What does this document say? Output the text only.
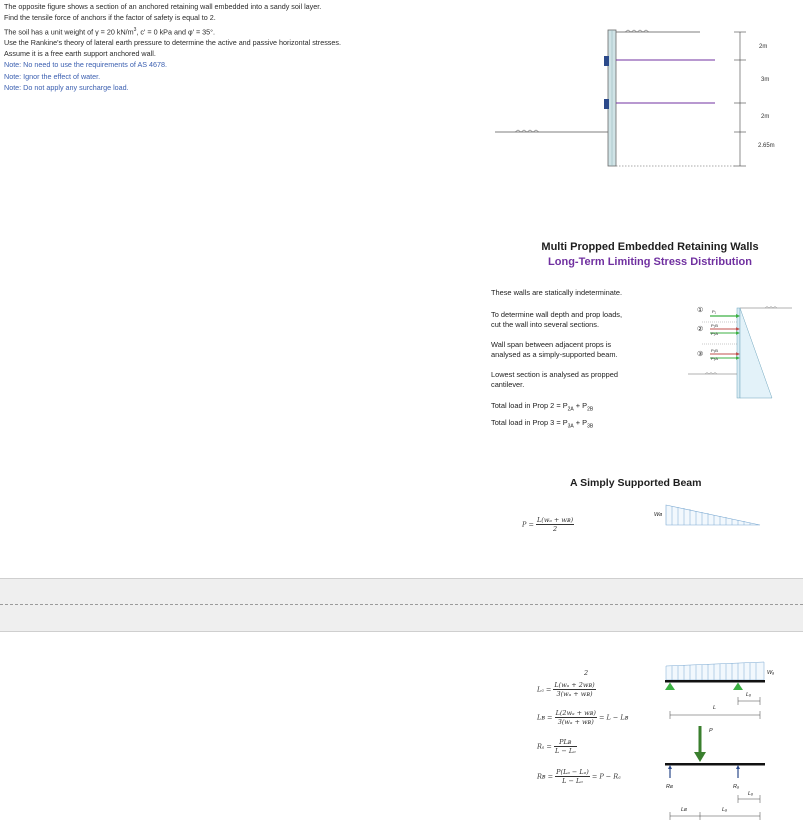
The opposite figure shows a section of an anchored retaining wall embedded into a sandy soil layer.
Find the tensile force of anchors if the factor of safety is equal to 2.
The soil has a unit weight of γ = 20 $kN/m^3$, c' = 0 kPa and φ' = 35°.
Use the Rankine's theory of lateral earth pressure to determine the active and passive horizontal stresses.
Assume it is a free earth support anchored wall.
Note: No need to use the requirements of AS 4678.
Note: Ignor the effect of water.
Note: Do not apply any surcharge load.
2m
3m
2m
2.65m
Multi Propped Embedded Retaining Walls
Long-Term Limiting Stress Distribution
These walls are statically indeterminate.
To determine wall depth and prop loads,
cut the wall into several sections.
Wall span between adjacent props is
analysed as a simply-supported beam.
Lowest section is analysed as propped
cantilever.
Total load in Prop $2 = P_{2A} + P_{2B}$
Total load in Prop $3 = P_{3A} + P_{3B}$
①
②
③
P₁
P₂B
P₂A
P₃B
P₃A
A Simply Supported Beam
$P = \frac{\text{L(wₐ + wʙ)}}{2}$
Wʙ
2
$L_a = \frac{\text{L(wₐ + 2wʙ)}}{\text{3(wₐ + wʙ)}}$
Lʙ = $\frac{\text{L(2wₐ + wʙ)}}{\text{3(wₐ + wʙ)}} = L$ − Lʙ
$R_a = \frac{\text{PLʙ}}{\text{L − Lₒ}}$
Rʙ = $\frac{\text{P(Lₐ − Lₒ)}}{\text{L − Lₒ}} = P - R_a$
Wₐ
L
Lₒ
P
Rʙ	Rₐ
Lₒ
Lʙ	Lₐ
